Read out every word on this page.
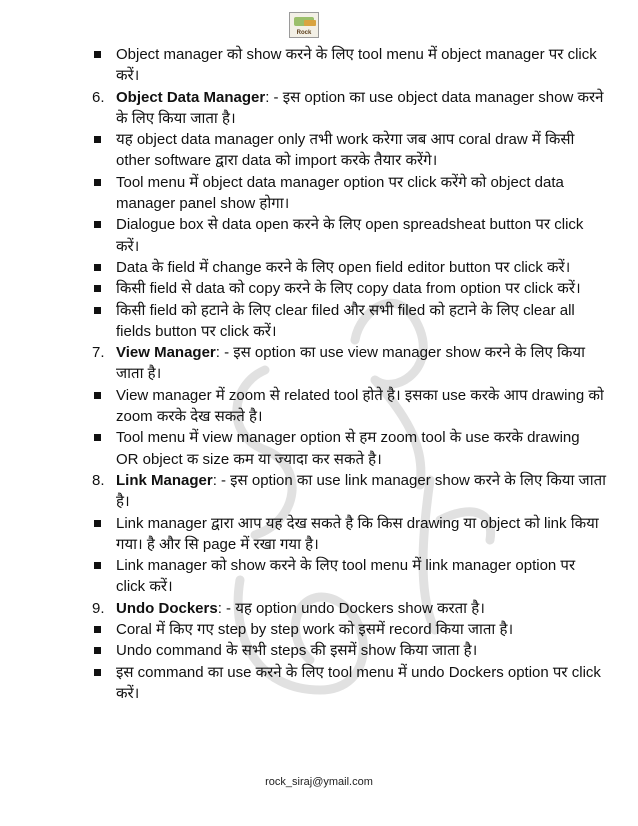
Rock
Object manager को show करने के लिए tool menu में object manager पर click करें।
6. Object Data Manager: - इस option का use object data manager show करने के लिए किया जाता है।
यह object data manager only तभी work करेगा जब आप coral draw में किसी other software द्वारा data को import करके तैयार करेंगे।
Tool menu में object data manager option पर click करेंगे को object data manager panel show होगा।
Dialogue box से data open करने के लिए open spreadsheat button पर click करें।
Data के field में change करने के लिए open field editor button पर click करें।
किसी field से data को copy करने के लिए copy data from option पर click करें।
किसी field को हटाने के लिए clear filed और सभी filed को हटाने के लिए clear all fields button पर click करें।
7. View Manager: - इस option का use view manager show करने के लिए किया जाता है।
View manager में zoom से related tool होते है। इसका use करके आप drawing को zoom करके देख सकते है।
Tool menu में view manager option से हम zoom tool के use करके drawing OR object क size कम या ज्यादा कर सकते है।
8. Link Manager: - इस option का use link manager show करने के लिए किया जाता है।
Link manager द्वारा आप यह देख सकते है कि किस drawing या object को link किया गया। है और सि page में रखा गया है।
Link manager को show करने के लिए tool menu में link manager option पर click करें।
9. Undo Dockers: - यह option undo Dockers show करता है।
Coral में किए गए step by step work को इसमें record किया जाता है।
Undo command के सभी steps की इसमें show किया जाता है।
इस command का use करने के लिए tool menu में undo Dockers option पर click करें।
rock_siraj@ymail.com
